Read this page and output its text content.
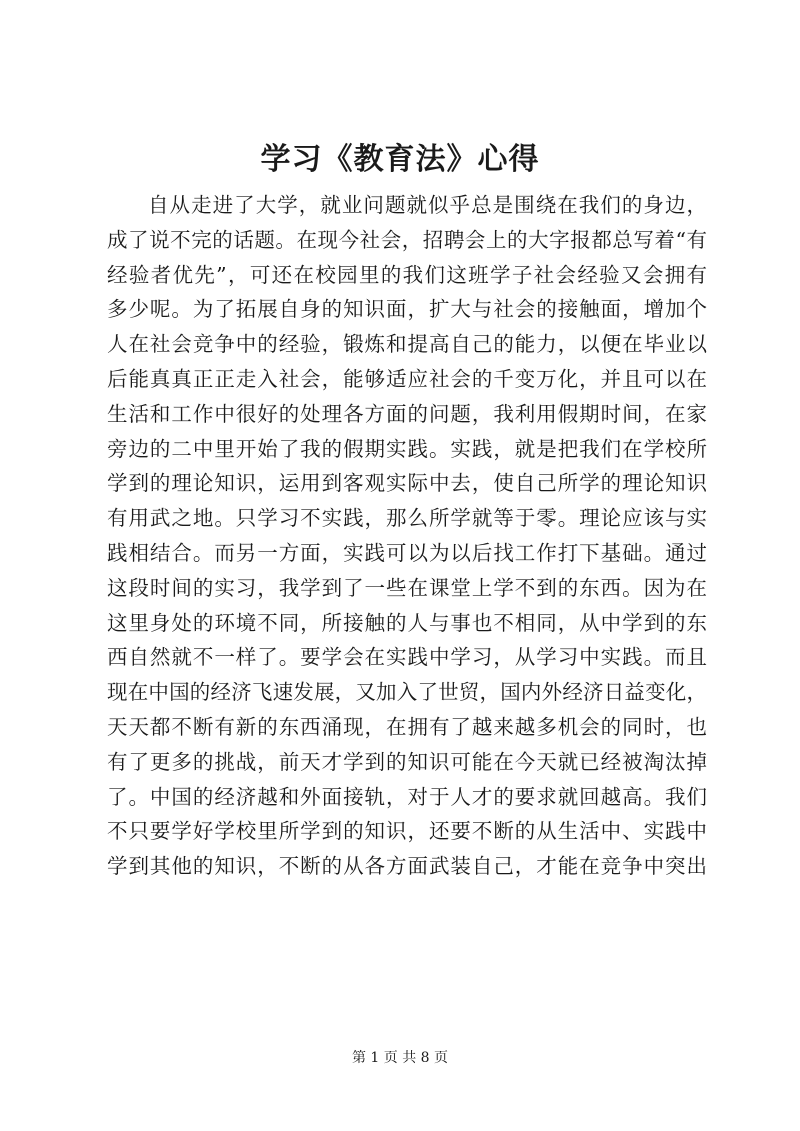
学习《教育法》心得
自从走进了大学，就业问题就似乎总是围绕在我们的身边，
成了说不完的话题。在现今社会，招聘会上的大字报都总写着“有
经验者优先”，可还在校园里的我们这班学子社会经验又会拥有
多少呢。为了拓展自身的知识面，扩大与社会的接触面，增加个
人在社会竞争中的经验，锻炼和提高自己的能力，以便在毕业以
后能真真正正走入社会，能够适应社会的千变万化，并且可以在
生活和工作中很好的处理各方面的问题，我利用假期时间，在家
旁边的二中里开始了我的假期实践。实践，就是把我们在学校所
学到的理论知识，运用到客观实际中去，使自己所学的理论知识
有用武之地。只学习不实践，那么所学就等于零。理论应该与实
践相结合。而另一方面，实践可以为以后找工作打下基础。通过
这段时间的实习，我学到了一些在课堂上学不到的东西。因为在
这里身处的环境不同，所接触的人与事也不相同，从中学到的东
西自然就不一样了。要学会在实践中学习，从学习中实践。而且
现在中国的经济飞速发展，又加入了世贸，国内外经济日益变化，
天天都不断有新的东西涌现，在拥有了越来越多机会的同时，也
有了更多的挑战，前天才学到的知识可能在今天就已经被淘汰掉
了。中国的经济越和外面接轨，对于人才的要求就回越高。我们
不只要学好学校里所学到的知识，还要不断的从生活中、实践中
学到其他的知识，不断的从各方面武装自己，才能在竞争中突出
第 1 页 共 8 页
